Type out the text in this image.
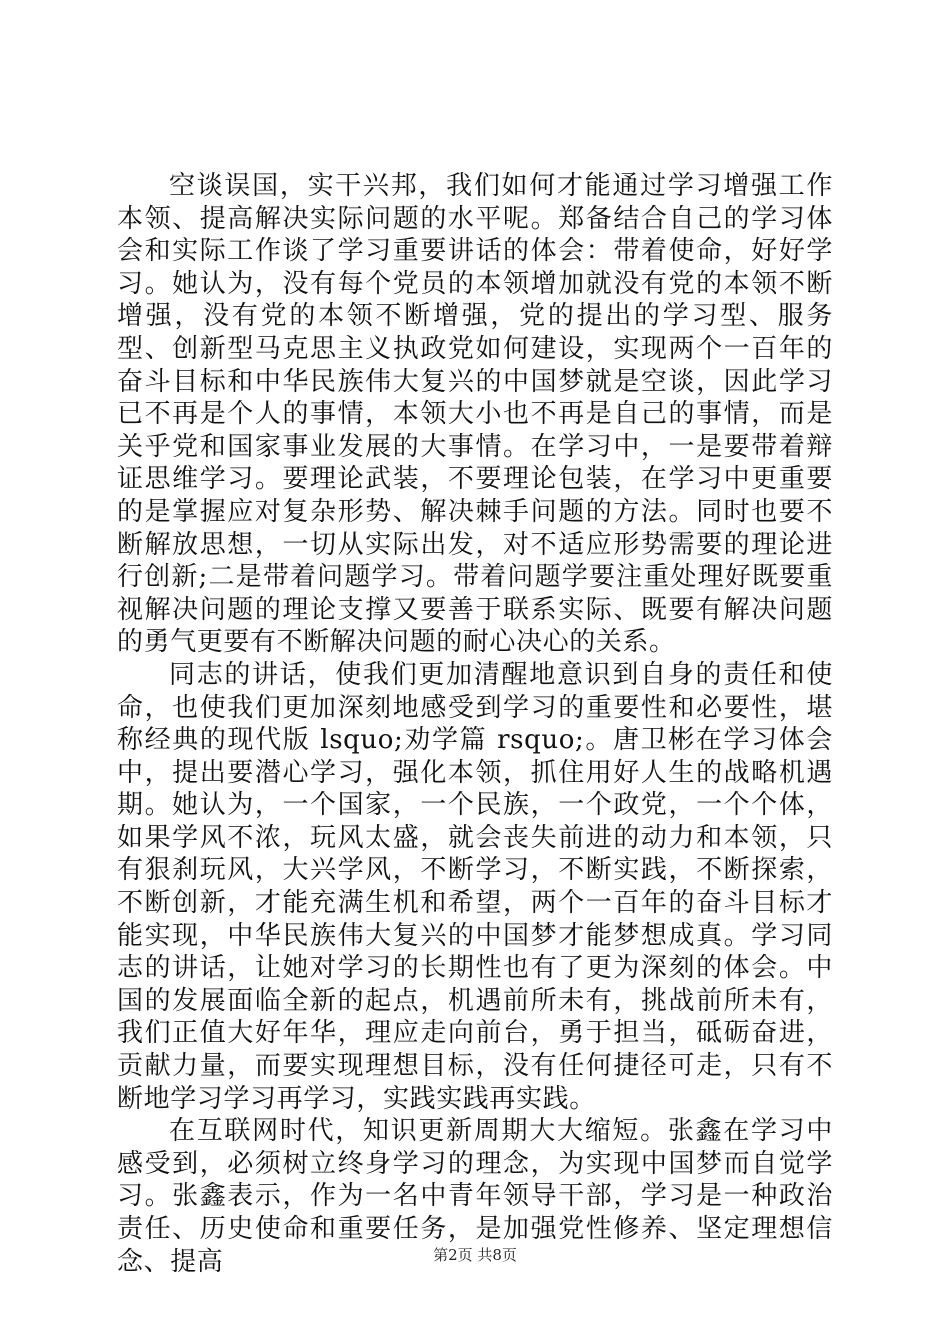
空谈误国，实干兴邦，我们如何才能通过学习增强工作本领、提高解决实际问题的水平呢。郑备结合自己的学习体会和实际工作谈了学习重要讲话的体会：带着使命，好好学习。她认为，没有每个党员的本领增加就没有党的本领不断增强，没有党的本领不断增强，党的提出的学习型、服务型、创新型马克思主义执政党如何建设，实现两个一百年的奋斗目标和中华民族伟大复兴的中国梦就是空谈，因此学习已不再是个人的事情，本领大小也不再是自己的事情，而是关乎党和国家事业发展的大事情。在学习中，一是要带着辩证思维学习。要理论武装，不要理论包装，在学习中更重要的是掌握应对复杂形势、解决棘手问题的方法。同时也要不断解放思想，一切从实际出发，对不适应形势需要的理论进行创新;二是带着问题学习。带着问题学要注重处理好既要重视解决问题的理论支撑又要善于联系实际、既要有解决问题的勇气更要有不断解决问题的耐心决心的关系。

同志的讲话，使我们更加清醒地意识到自身的责任和使命，也使我们更加深刻地感受到学习的重要性和必要性，堪称经典的现代版 lsquo;劝学篇 rsquo;。唐卫彬在学习体会中，提出要潜心学习，强化本领，抓住用好人生的战略机遇期。她认为，一个国家，一个民族，一个政党，一个个体，如果学风不浓，玩风太盛，就会丧失前进的动力和本领，只有狠刹玩风，大兴学风，不断学习，不断实践，不断探索，不断创新，才能充满生机和希望，两个一百年的奋斗目标才能实现，中华民族伟大复兴的中国梦才能梦想成真。学习同志的讲话，让她对学习的长期性也有了更为深刻的体会。中国的发展面临全新的起点，机遇前所未有，挑战前所未有，我们正值大好年华，理应走向前台，勇于担当，砥砺奋进，贡献力量，而要实现理想目标，没有任何捷径可走，只有不断地学习学习再学习，实践实践再实践。

在互联网时代，知识更新周期大大缩短。张鑫在学习中感受到，必须树立终身学习的理念，为实现中国梦而自觉学习。张鑫表示，作为一名中青年领导干部，学习是一种政治责任、历史使命和重要任务，是加强党性修养、坚定理想信念、提高	第2页 共8页
